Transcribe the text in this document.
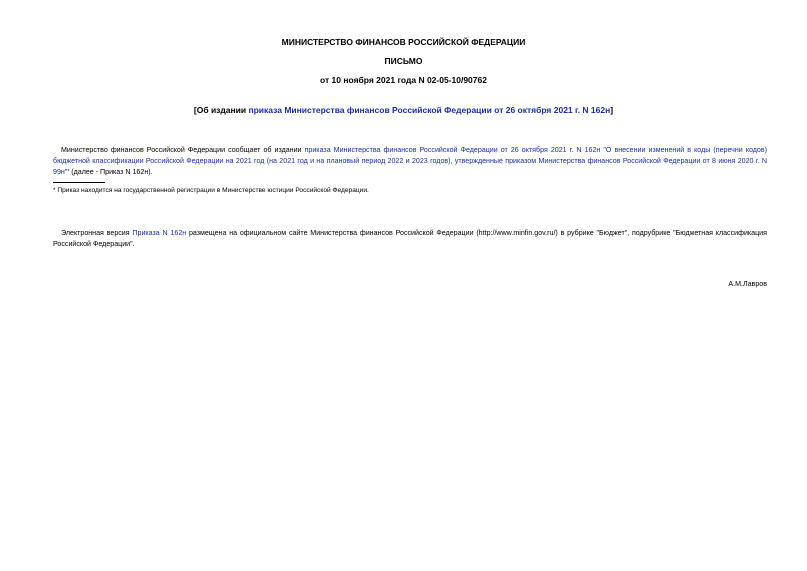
МИНИСТЕРСТВО ФИНАНСОВ РОССИЙСКОЙ ФЕДЕРАЦИИ
ПИСЬМО
от 10 ноября 2021 года N 02-05-10/90762
[Об издании приказа Министерства финансов Российской Федерации от 26 октября 2021 г. N 162н]
Министерство финансов Российской Федерации сообщает об издании приказа Министерства финансов Российской Федерации от 26 октября 2021 г. N 162н "О внесении изменений в коды (перечни кодов) бюджетной классификации Российской Федерации на 2021 год (на 2021 год и на плановый период 2022 и 2023 годов), утвержденные приказом Министерства финансов Российской Федерации от 8 июня 2020 г. N 99н"* (далее - Приказ N 162н).
* Приказ находится на государственной регистрации в Министерстве юстиции Российской Федерации.
Электронная версия Приказа N 162н размещена на официальном сайте Министерства финансов Российской Федерации (http://www.minfin.gov.ru/) в рубрике "Бюджет", подрубрике "Бюджетная классификация Российской Федерации".
А.М.Лавров
